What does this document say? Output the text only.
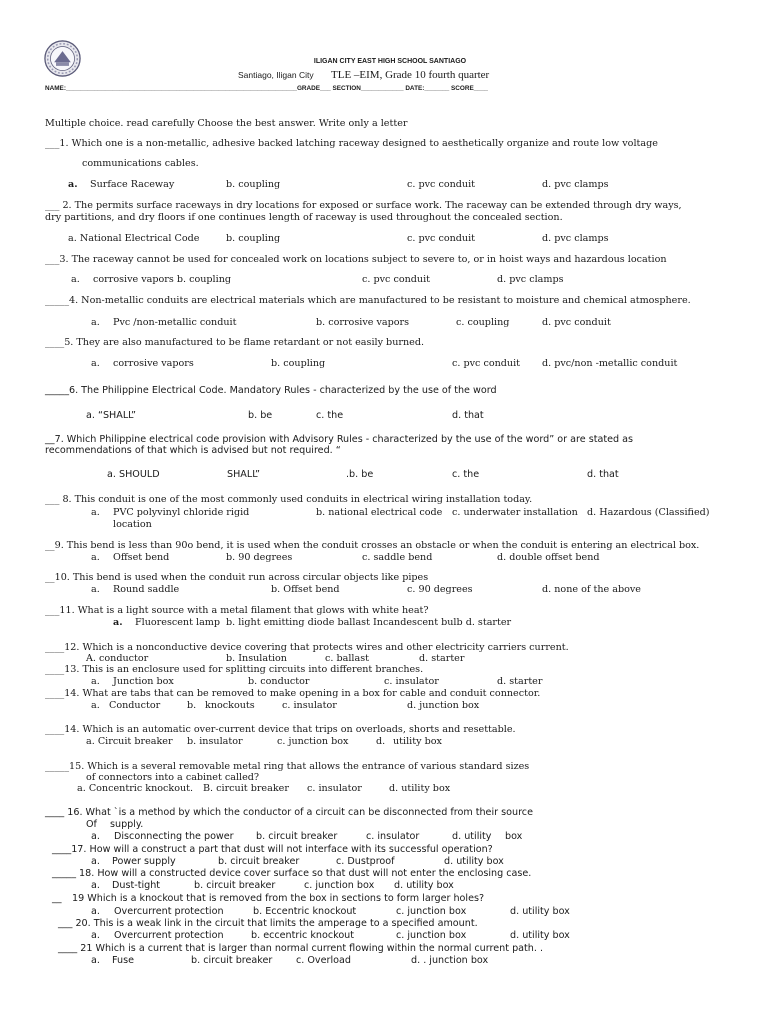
ILIGAN CITY EAST HIGH SCHOOL SANTIAGO
Santiago, Iligan City TLE –EIM, Grade 10 fourth quarter
NAME:_________________________________________________________________GRADE___ SECTION____________ DATE:_______ SCORE____
Multiple choice. read carefully Choose the best answer. Write only a letter
___1. Which one is a non-metallic, adhesive backed latching raceway designed to aesthetically organize and route low voltage
communications cables.
a. Surface Raceway	b. coupling	c. pvc conduit	d. pvc clamps
___ 2. The permits surface raceways in dry locations for exposed or surface work. The raceway can be extended through dry ways,
dry partitions, and dry floors if one continues length of raceway is used throughout the concealed section.
a. National Electrical Code	b. coupling	c. pvc conduit	d. pvc clamps
___3. The raceway cannot be used for concealed work on locations subject to severe to, or in hoist ways and hazardous location
a. corrosive vapors b. coupling	c. pvc conduit	d. pvc clamps
_____4. Non-metallic conduits are electrical materials which are manufactured to be resistant to moisture and chemical atmosphere.
a. Pvc /non-metallic conduit	b. corrosive vapors	c. coupling	d. pvc conduit
____5. They are also manufactured to be flame retardant or not easily burned.
a. corrosive vapors	b. coupling	c. pvc conduit d. pvc/non -metallic conduit
_____6. The Philippine Electrical Code. Mandatory Rules - characterized by the use of the word
a. “SHALL”	b. be	c. the	d. that
__7. Which Philippine electrical code provision with Advisory Rules - characterized by the use of the word” or are stated as
recommendations of that which is advised but not required. “
a. SHOULD	SHALL”	.b. be	c. the	d. that
___ 8. This conduit is one of the most commonly used conduits in electrical wiring installation today.
a. PVC polyvinyl chloride rigid	b. national electrical code c. underwater installation d. Hazardous (Classified)
location
__9. This bend is less than 90o bend, it is used when the conduit crosses an obstacle or when the conduit is entering an electrical box.
a. Offset bend	b. 90 degrees	c. saddle bend	d. double offset bend
__10. This bend is used when the conduit run across circular objects like pipes
a. Round saddle	b. Offset bend	c. 90 degrees	d. none of the above
___11. What is a light source with a metal filament that glows with white heat?
a. Fluorescent lamp b. light emitting diode ballast Incandescent bulb d. starter
____12. Which is a nonconductive device covering that protects wires and other electricity carriers current.
A. conductor	b. Insulation	c. ballast	d. starter
____13. This is an enclosure used for splitting circuits into different branches.
a. Junction box	b. conductor	c. insulator	d. starter
____14. What are tabs that can be removed to make opening in a box for cable and conduit connector.
a. Conductor	b. knockouts	c. insulator	d. junction box
____14. Which is an automatic over-current device that trips on overloads, shorts and resettable.
a. Circuit breaker b. insulator	c. junction box	d. utility box
_____15. Which is a several removable metal ring that allows the entrance of various standard sizes
of connectors into a cabinet called?
a. Concentric knockout. B. circuit breaker c. insulator	d. utility box
____ 16. What `is a method by which the conductor of a circuit can be disconnected from their source
Of supply.
a. Disconnecting the power b. circuit breaker	c. insulator	d. utility box
____17. How will a construct a part that dust will not interface with its successful operation?
a. Power supply	b. circuit breaker	c. Dustproof	d. utility box
_____ 18. How will a constructed device cover surface so that dust will not enter the enclosing case.
a. Dust-tight	b. circuit breaker	c. junction box d. utility box
__ 19 Which is a knockout that is removed from the box in sections to form larger holes?
a. Overcurrent protection	b. Eccentric knockout	c. junction box	d. utility box
___ 20. This is a weak link in the circuit that limits the amperage to a specified amount.
a. Overcurrent protection	b. eccentric knockout	c. junction box	d. utility box
____ 21 Which is a current that is larger than normal current flowing within the normal current path. .
a. Fuse	b. circuit breaker c. Overload	d. . junction box
